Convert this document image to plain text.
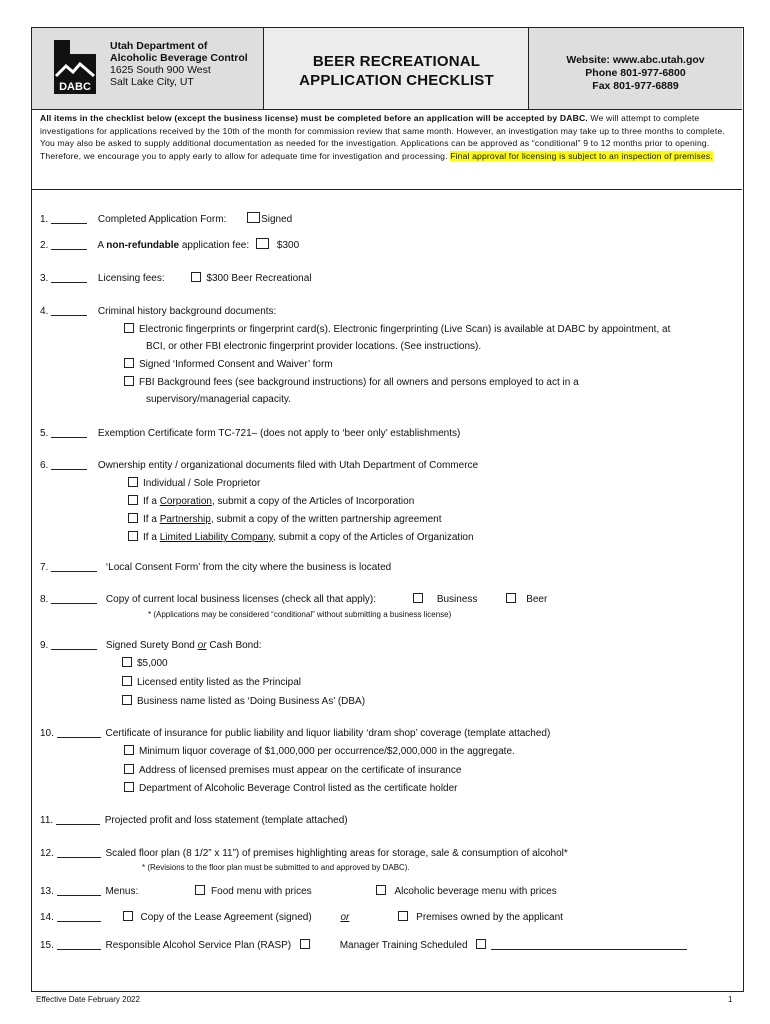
DABC
Utah Department of
Alcoholic Beverage Control
1625 South 900 West
Salt Lake City, UT
BEER RECREATIONAL
APPLICATION CHECKLIST
Website: www.abc.utah.gov
Phone 801-977-6800
Fax 801-977-6889
All items in the checklist below (except the business license) must be completed before an application will be accepted by DABC. We will attempt to complete investigations for applications received by the 10th of the month for commission review that same month. However, an investigation may take up to three months to complete. You may also be asked to supply additional documentation as needed for the investigation. Applications can be approved as “conditional” 9 to 12 months prior to opening. Therefore, we encourage you to apply early to allow for adequate time for investigation and processing. Final approval for licensing is subject to an inspection of premises.
1.	Completed Application Form:	Signed
2.	A non-refundable application fee:	$300
3.	Licensing fees:	$300 Beer Recreational
4.	Criminal history background documents:
Electronic fingerprints or fingerprint card(s). Electronic fingerprinting (Live Scan) is available at DABC by appointment, at
BCI, or other FBI electronic fingerprint provider locations. (See instructions).
Signed ‘Informed Consent and Waiver’ form
FBI Background fees (see background instructions) for all owners and persons employed to act in a
supervisory/managerial capacity.
5.	Exemption Certificate form TC-721– (does not apply to ‘beer only’ establishments)
6.	Ownership entity / organizational documents filed with Utah Department of Commerce
Individual / Sole Proprietor
If a Corporation, submit a copy of the Articles of Incorporation
If a Partnership, submit a copy of the written partnership agreement
If a Limited Liability Company, submit a copy of the Articles of Organization
7.	‘Local Consent Form’ from the city where the business is located
8.	Copy of current local business licenses (check all that apply):	Business	Beer
* (Applications may be considered “conditional” without submitting a business license)
9.	Signed Surety Bond or Cash Bond:
$5,000
Licensed entity listed as the Principal
Business name listed as ‘Doing Business As’ (DBA)
10.	Certificate of insurance for public liability and liquor liability ‘dram shop’ coverage (template attached)
Minimum liquor coverage of $1,000,000 per occurrence/$2,000,000 in the aggregate.
Address of licensed premises must appear on the certificate of insurance
Department of Alcoholic Beverage Control listed as the certificate holder
11.	Projected profit and loss statement (template attached)
12.	Scaled floor plan (8 1/2” x 11”) of premises highlighting areas for storage, sale & consumption of alcohol*
* (Revisions to the floor plan must be submitted to and approved by DABC).
13.	Menus:	Food menu with prices	Alcoholic beverage menu with prices
14.	Copy of the Lease Agreement (signed)	or	Premises owned by the applicant
15.	Responsible Alcohol Service Plan (RASP)	Manager Training Scheduled
Effective Date February 2022	1
